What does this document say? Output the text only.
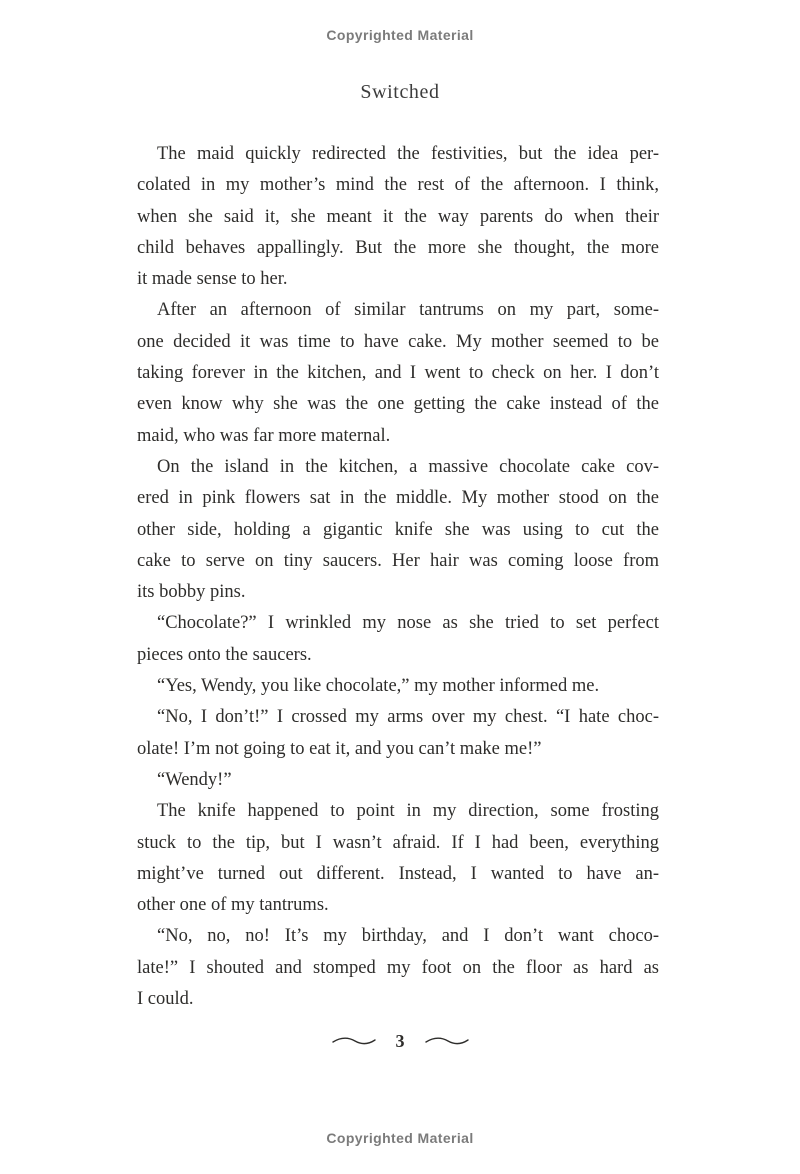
Copyrighted Material
Switched
The maid quickly redirected the festivities, but the idea per-
colated in my mother’s mind the rest of the afternoon. I think,
when she said it, she meant it the way parents do when their
child behaves appallingly. But the more she thought, the more
it made sense to her.
After an afternoon of similar tantrums on my part, some-
one decided it was time to have cake. My mother seemed to be
taking forever in the kitchen, and I went to check on her. I don’t
even know why she was the one getting the cake instead of the
maid, who was far more maternal.
On the island in the kitchen, a massive chocolate cake cov-
ered in pink flowers sat in the middle. My mother stood on the
other side, holding a gigantic knife she was using to cut the
cake to serve on tiny saucers. Her hair was coming loose from
its bobby pins.
“Chocolate?” I wrinkled my nose as she tried to set perfect
pieces onto the saucers.
“Yes, Wendy, you like chocolate,” my mother informed me.
“No, I don’t!” I crossed my arms over my chest. “I hate choc-
olate! I’m not going to eat it, and you can’t make me!”
“Wendy!”
The knife happened to point in my direction, some frosting
stuck to the tip, but I wasn’t afraid. If I had been, everything
might’ve turned out different. Instead, I wanted to have an-
other one of my tantrums.
“No, no, no! It’s my birthday, and I don’t want choco-
late!” I shouted and stomped my foot on the floor as hard as
I could.
3
Copyrighted Material
